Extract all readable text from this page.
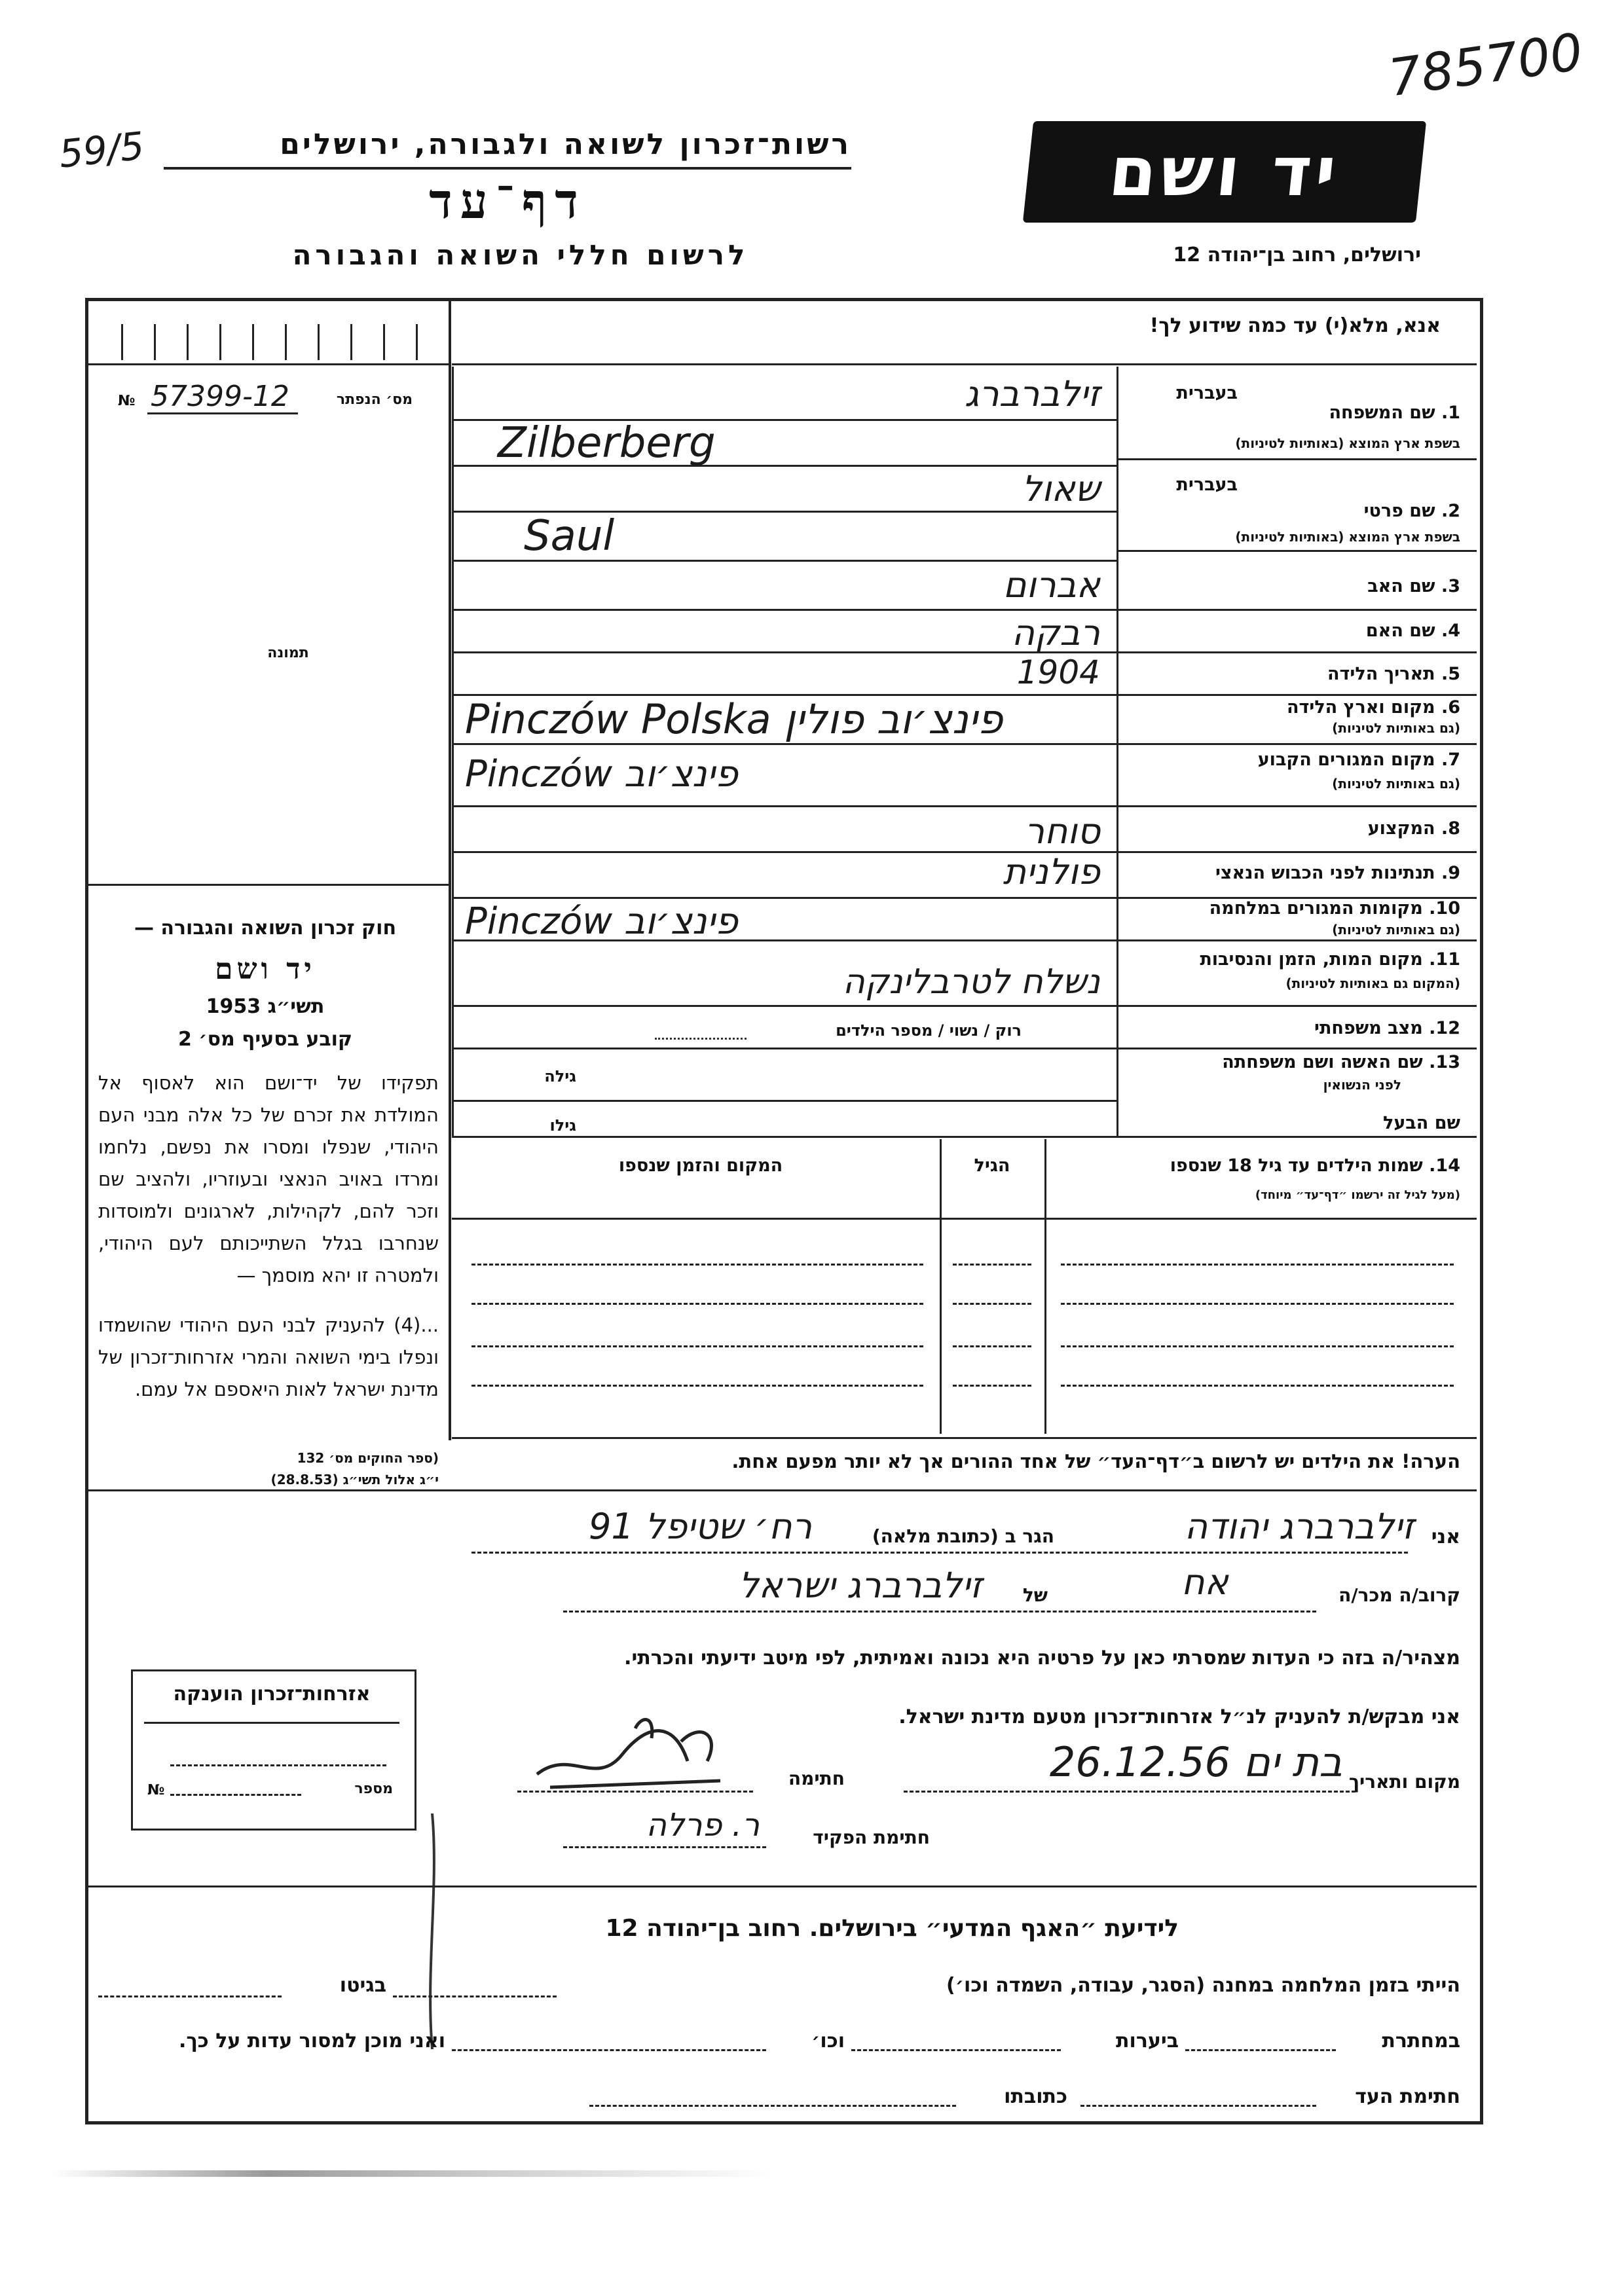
785700
59/5	רשות־זכרון לשואה ולגבורה, ירושלים
דף־עד
לרשום חללי השואה והגבורה
יד ושם
ירושלים, רחוב בן־יהודה 12
אנא, מלא(י) עד כמה שידוע לך!
57399-12	מס׳ הנפתר
№
תמונה
חוק זכרון השואה והגבורה —
יד ושם
תשי״ג 1953
קובע בסעיף מס׳ 2
תפקידו של יד־ושם הוא לאסוף אל המולדת את זכרם של כל אלה מבני העם היהודי, שנפלו ומסרו את נפשם, נלחמו ומרדו באויב הנאצי ובעוזריו, ולהציב שם וזכר להם, לקהילות, לארגונים ולמוסדות שנחרבו בגלל השתייכותם לעם היהודי, ולמטרה זו יהא מוסמך —
...(4) להעניק לבני העם היהודי שהושמדו ונפלו בימי השואה והמרי אזרחות־זכרון של מדינת ישראל לאות היאספם אל עמם.
(ספר החוקים מס׳ 132
י״ג אלול תשי״ג (28.8.53)
בעברית
1. שם המשפחה
בשפת ארץ המוצא (באותיות לטיניות)
בעברית
2. שם פרטי
בשפת ארץ המוצא (באותיות לטיניות)
3. שם האב
4. שם האם
5. תאריך הלידה
6. מקום וארץ הלידה
(גם באותיות לטיניות)
7. מקום המגורים הקבוע
(גם באותיות לטיניות)
8. המקצוע
9. תנתינות לפני הכבוש הנאצי
10. מקומות המגורים במלחמה
(גם באותיות לטיניות)
11. מקום המות, הזמן והנסיבות
(המקום גם באותיות לטיניות)
12. מצב משפחתי
13. שם האשה ושם משפחתה
לפני הנשואין
שם הבעל
זילברברג
Zilberberg
שאול
Saul
אברום
רבקה
1904
Pinczów Polska פינצ׳וב פולין
Pinczów פינצ׳וב
סוחר
פולנית
Pinczów פינצ׳וב
נשלח לטרבלינקה
רוק / נשוי / מספר הילדים
גילה
גילו
14. שמות הילדים עד גיל 18 שנספו
(מעל לגיל זה ירשמו ״דף־עד״ מיוחד)
הגיל
המקום והזמן שנספו
הערה! את הילדים יש לרשום ב״דף־העד״ של אחד ההורים אך לא יותר מפעם אחת.
אני
זילברברג יהודה
הגר ב (כתובת מלאה)
רח׳ שטיפל 91
קרוב/ה מכר/ה
אח
של
זילברברג ישראל
מצהיר/ה בזה כי העדות שמסרתי כאן על פרטיה היא נכונה ואמיתית, לפי מיטב ידיעתי והכרתי.
אזרחות־זכרון הוענקה
מספר
№
אני מבקש/ת להעניק לנ״ל אזרחות־זכרון מטעם מדינת ישראל.
מקום ותאריך
בת ים 26.12.56
חתימה
חתימת הפקיד
ר. פרלה
לידיעת ״האגף המדעי״ בירושלים. רחוב בן־יהודה 12
הייתי בזמן המלחמה במחנה (הסגר, עבודה, השמדה וכו׳)
בגיטו
במחתרת
ביערות
וכו׳
ואני מוכן למסור עדות על כך.
חתימת העד
כתובתו
